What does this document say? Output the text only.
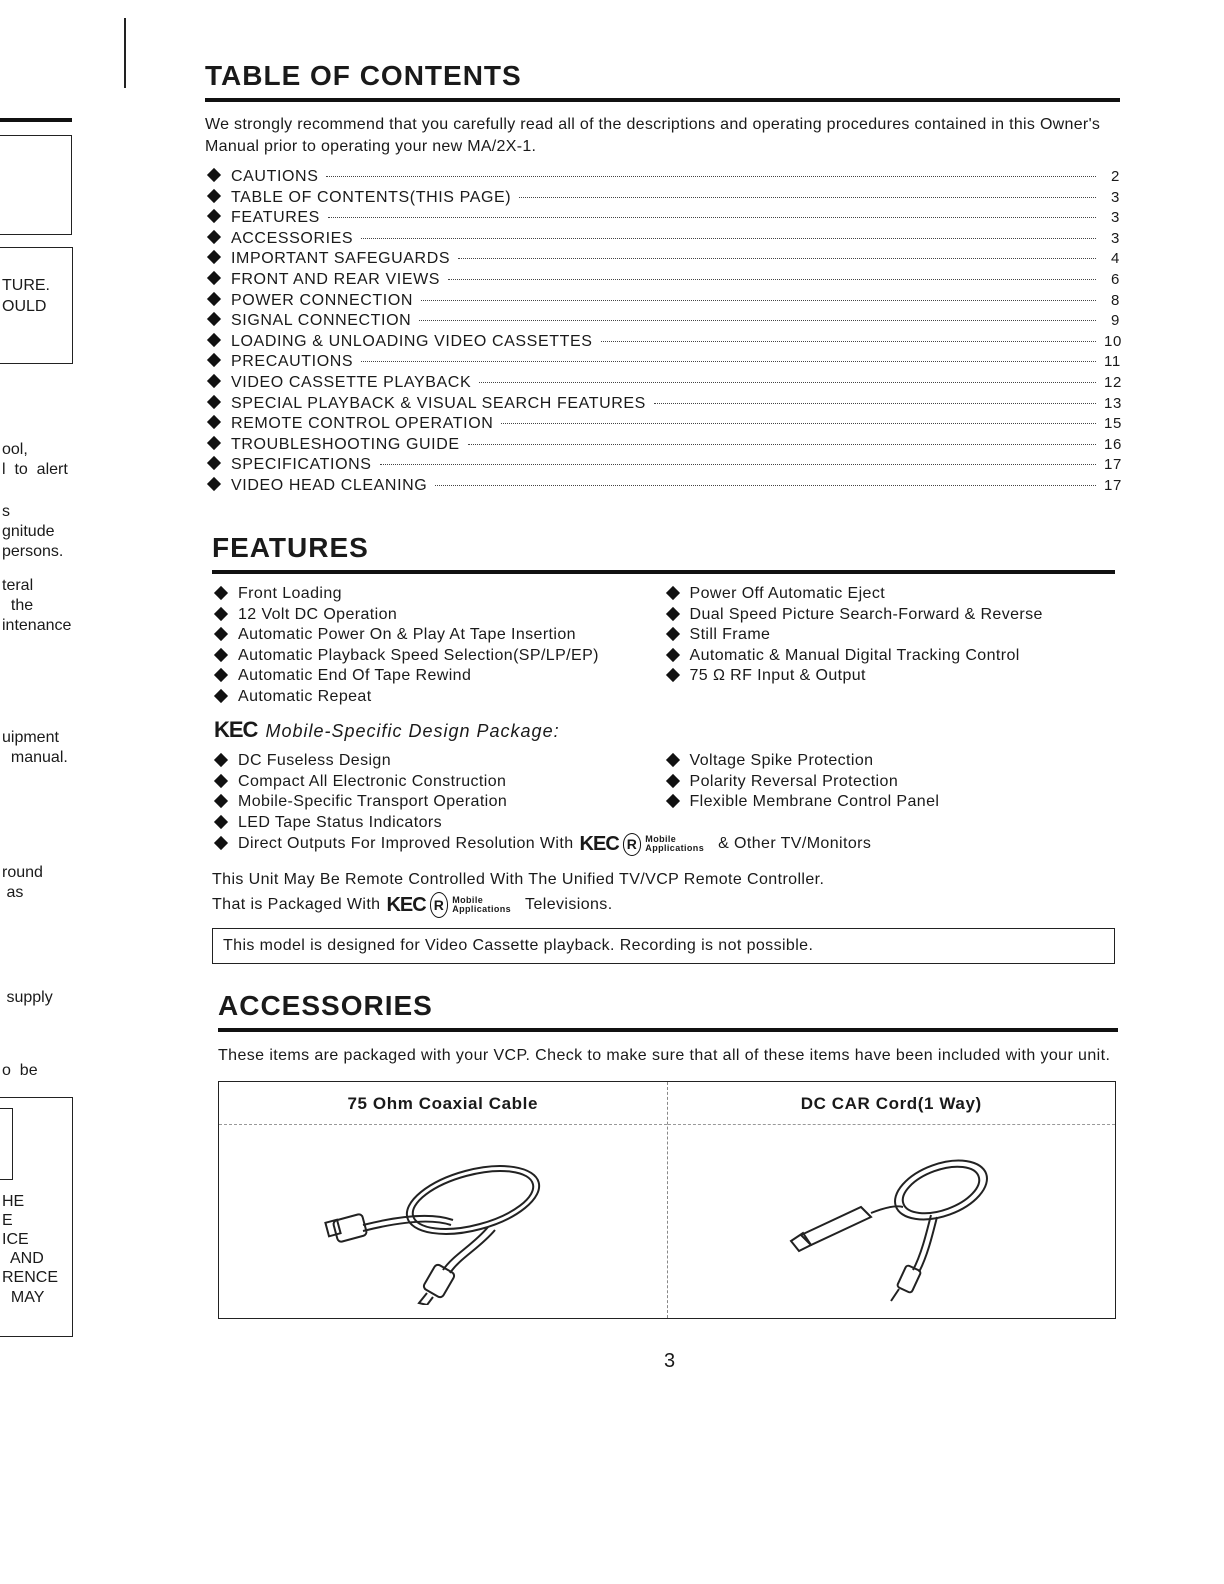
TURE.
OULD
ool,
l  to  alert
s
gnitude
persons.
teral
the
intenance
uipment
manual.
round
as
supply
o  be
HE
E
ICE
AND
RENCE
MAY
TABLE OF CONTENTS

We strongly recommend that you carefully read all of the descriptions and operating procedures contained in this Owner's Manual prior to operating your new MA/2X-1.

CAUTIONS	2
TABLE OF CONTENTS(THIS PAGE)	3
FEATURES	3
ACCESSORIES	3
IMPORTANT SAFEGUARDS	4
FRONT AND REAR VIEWS	6
POWER CONNECTION	8
SIGNAL CONNECTION	9
LOADING & UNLOADING VIDEO CASSETTES	10
PRECAUTIONS	11
VIDEO CASSETTE PLAYBACK	12
SPECIAL PLAYBACK & VISUAL SEARCH FEATURES	13
REMOTE CONTROL OPERATION	15
TROUBLESHOOTING GUIDE	16
SPECIFICATIONS	17
VIDEO HEAD CLEANING	17
FEATURES
Front Loading
12 Volt DC Operation
Automatic Power On & Play At Tape Insertion
Automatic Playback Speed Selection(SP/LP/EP)
Automatic End Of Tape Rewind
Automatic Repeat
Power Off Automatic Eject
Dual Speed Picture Search-Forward & Reverse
Still Frame
Automatic & Manual Digital Tracking Control
75 Ω RF Input & Output
KEC Mobile-Specific Design Package:
DC Fuseless Design
Compact All Electronic Construction
Mobile-Specific Transport Operation
LED Tape Status Indicators
Voltage Spike Protection
Polarity Reversal Protection
Flexible Membrane Control Panel
Direct Outputs For Improved Resolution With KEC R Mobile
Applications & Other TV/Monitors
This Unit May Be Remote Controlled With The Unified TV/VCP Remote Controller.
That is Packaged With KEC R Mobile
Applications Televisions.
This model is designed for Video Cassette playback. Recording is not possible.
ACCESSORIES

These items are packaged with your VCP. Check to make sure that all of these items have been included with your unit.

75 Ohm Coaxial Cable	DC CAR Cord(1 Way)
3
